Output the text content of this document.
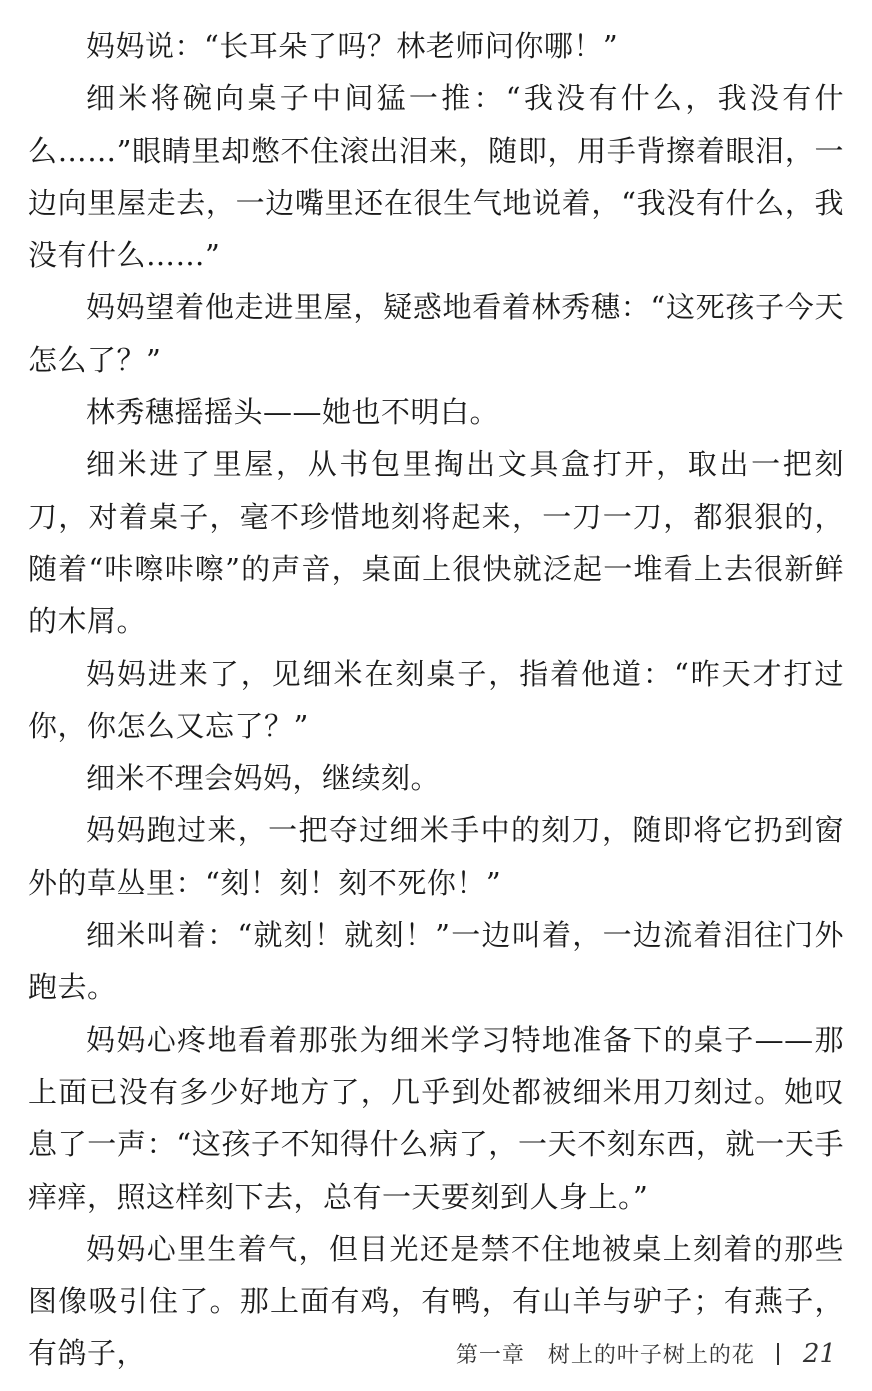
妈妈说：“长耳朵了吗？林老师问你哪！”

细米将碗向桌子中间猛一推：“我没有什么，我没有什么……”眼睛里却憋不住滚出泪来，随即，用手背擦着眼泪，一边向里屋走去，一边嘴里还在很生气地说着，“我没有什么，我没有什么……”

妈妈望着他走进里屋，疑惑地看着林秀穗：“这死孩子今天怎么了？”

林秀穗摇摇头——她也不明白。

细米进了里屋，从书包里掏出文具盒打开，取出一把刻刀，对着桌子，毫不珍惜地刻将起来，一刀一刀，都狠狠的，随着“咔嚓咔嚓”的声音，桌面上很快就泛起一堆看上去很新鲜的木屑。

妈妈进来了，见细米在刻桌子，指着他道：“昨天才打过你，你怎么又忘了？”

细米不理会妈妈，继续刻。

妈妈跑过来，一把夺过细米手中的刻刀，随即将它扔到窗外的草丛里：“刻！刻！刻不死你！”

细米叫着：“就刻！就刻！”一边叫着，一边流着泪往门外跑去。

妈妈心疼地看着那张为细米学习特地准备下的桌子——那上面已没有多少好地方了，几乎到处都被细米用刀刻过。她叹息了一声：“这孩子不知得什么病了，一天不刻东西，就一天手痒痒，照这样刻下去，总有一天要刻到人身上。”

妈妈心里生着气，但目光还是禁不住地被桌上刻着的那些图像吸引住了。那上面有鸡，有鸭，有山羊与驴子；有燕子，有鸽子，	第一章　树上的叶子树上的花 21
